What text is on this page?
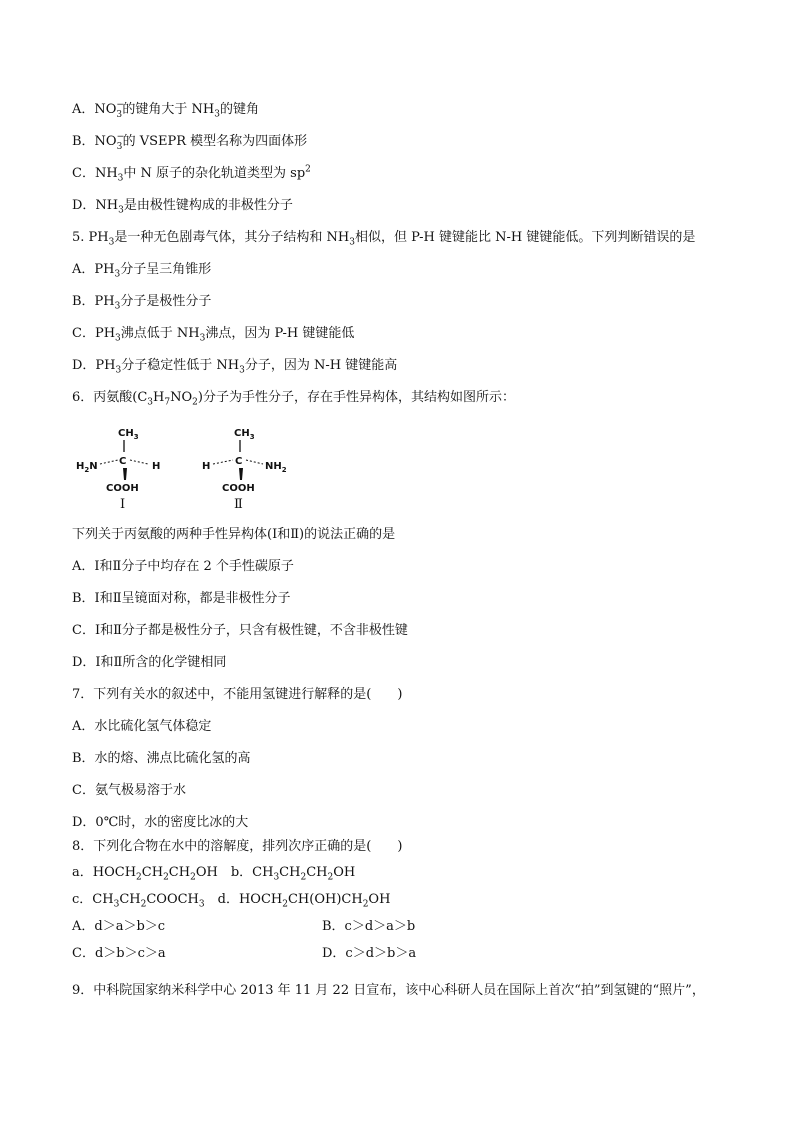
A．NO −
3 的键角大于 $NH_3$的键角
B．NO −
3 的 VSEPR 模型名称为四面体形
C．$NH_3$中 N 原子的杂化轨道类型为 $sp^2$
D．$NH_3$是由极性键构成的非极性分子
5. $PH_3$是一种无色剧毒气体，其分子结构和 $NH_3$相似，但 P-H 键键能比 N-H 键键能低。下列判断错误的是
A．$PH_3$分子呈三角锥形
B．$PH_3$分子是极性分子
C．$PH_3$沸点低于 $NH_3$沸点，因为 P-H 键键能低
D．$PH_3$分子稳定性低于 $NH_3$分子，因为 N-H 键键能高
6．丙氨酸$(C_3H_7NO_2)$分子为手性分子，存在手性异构体，其结构如图所示：
$CH_3$
$H_2N$ C	H
COOH
Ⅰ
$CH_3$
H C $NH_2$
COOH
Ⅱ
下列关于丙氨酸的两种手性异构体(Ⅰ和Ⅱ)的说法正确的是
A．Ⅰ和Ⅱ分子中均存在 2 个手性碳原子
B．Ⅰ和Ⅱ呈镜面对称，都是非极性分子
C．Ⅰ和Ⅱ分子都是极性分子，只含有极性键，不含非极性键
D．Ⅰ和Ⅱ所含的化学键相同
7．下列有关水的叙述中，不能用氢键进行解释的是(　　)
A．水比硫化氢气体稳定
B．水的熔、沸点比硫化氢的高
C．氨气极易溶于水
D．0℃时，水的密度比冰的大
8．下列化合物在水中的溶解度，排列次序正确的是(　　)
a．$HOCH_2CH_2CH_2OH$　b．$CH_3CH_2CH_2OH$
c．$CH_3CH_2COOCH_3$　d．$HOCH_2CH(OH)CH_2OH$
A．d＞a＞b＞c	B．c＞d＞a＞b
C．d＞b＞c＞a	D．c＞d＞b＞a
9．中科院国家纳米科学中心 2013 年 11 月 22 日宣布，该中心科研人员在国际上首次“拍”到氢键的“照片”，
